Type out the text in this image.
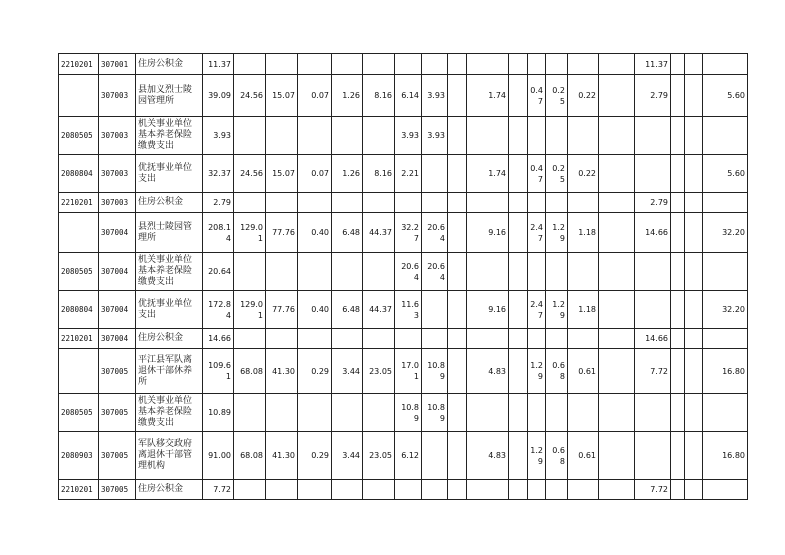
2210201	307001	住房公积金	11.37															11.37			
	307003	县加义烈士陵园管理所	39.09	24.56	15.07	0.07	1.26	8.16	6.14	3.93		1.74		0.47	0.25	0.22		2.79			5.60
2080505	307003	机关事业单位基本养老保险缴费支出	3.93						3.93	3.93											
2080804	307003	优抚事业单位支出	32.37	24.56	15.07	0.07	1.26	8.16	2.21			1.74		0.47	0.25	0.22					5.60
2210201	307003	住房公积金	2.79															2.79			
	307004	县烈士陵园管理所	208.14	129.01	77.76	0.40	6.48	44.37	32.27	20.64		9.16		2.47	1.29	1.18		14.66			32.20
2080505	307004	机关事业单位基本养老保险缴费支出	20.64						20.64	20.64											
2080804	307004	优抚事业单位支出	172.84	129.01	77.76	0.40	6.48	44.37	11.63			9.16		2.47	1.29	1.18					32.20
2210201	307004	住房公积金	14.66															14.66			
	307005	平江县军队离退休干部休养所	109.61	68.08	41.30	0.29	3.44	23.05	17.01	10.89		4.83		1.29	0.68	0.61		7.72			16.80
2080505	307005	机关事业单位基本养老保险缴费支出	10.89						10.89	10.89											
2080903	307005	军队移交政府离退休干部管理机构	91.00	68.08	41.30	0.29	3.44	23.05	6.12			4.83		1.29	0.68	0.61					16.80
2210201	307005	住房公积金	7.72															7.72			
